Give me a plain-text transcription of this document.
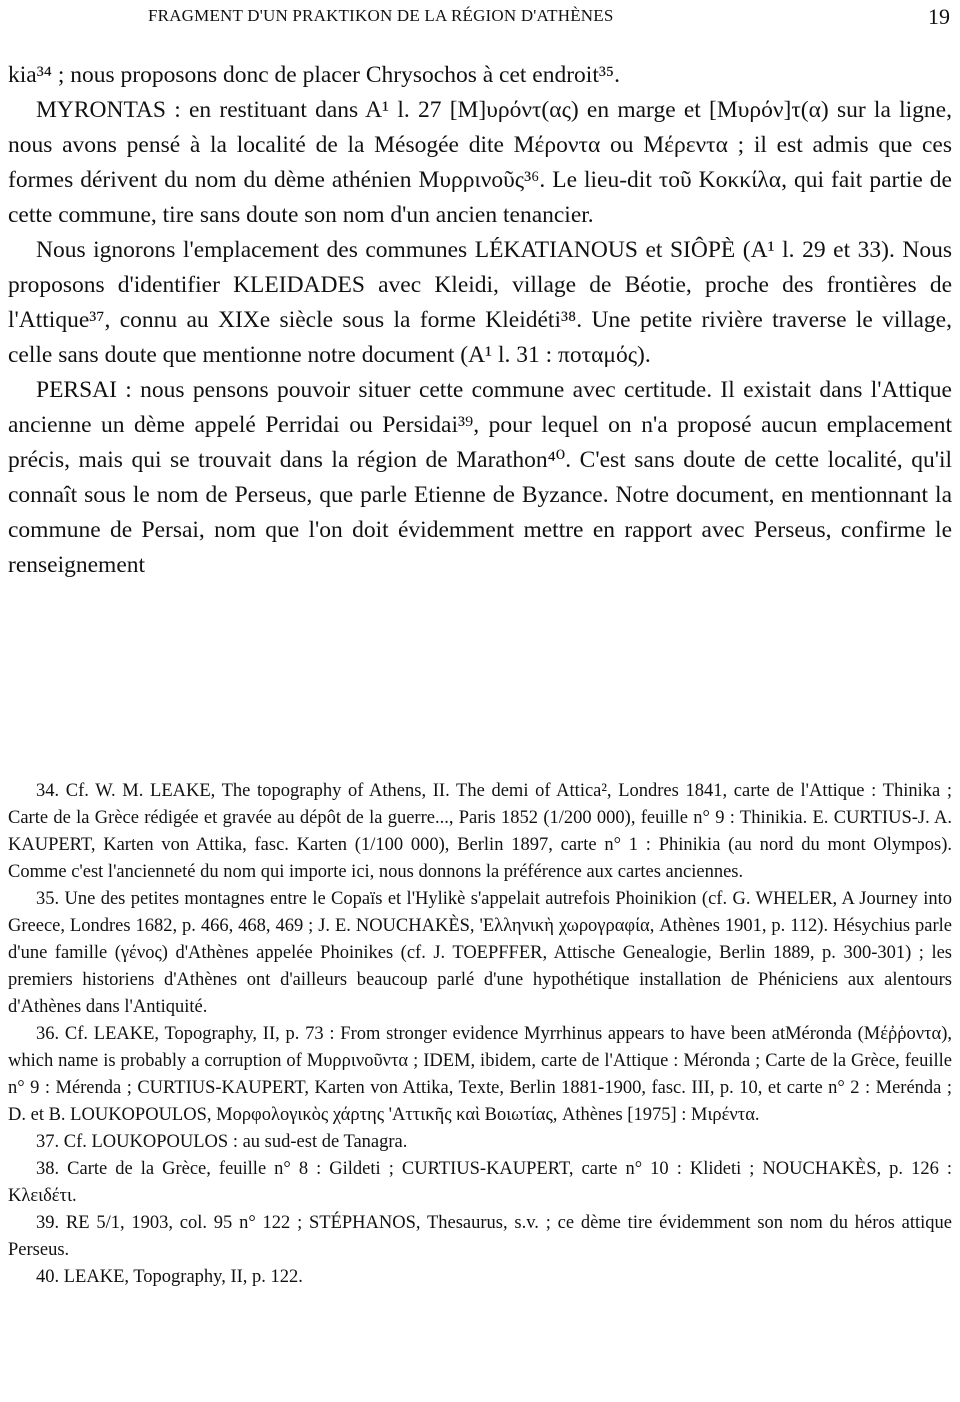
FRAGMENT D'UN PRAKTIKON DE LA RÉGION D'ATHÈNES	19

kia³⁴ ; nous proposons donc de placer Chrysochos à cet endroit³⁵.

MYRONTAS : en restituant dans A¹ l. 27 [Μ]υρόντ(ας) en marge et [Μυρόν]τ(α) sur la ligne, nous avons pensé à la localité de la Mésogée dite Μέροντα ou Μέρεντα ; il est admis que ces formes dérivent du nom du dème athénien Μυρρινοῦς³⁶. Le lieu-dit τοῦ Κοκκίλα, qui fait partie de cette commune, tire sans doute son nom d'un ancien tenancier.

Nous ignorons l'emplacement des communes LÉKATIANOUS et SIÔPÈ (A¹ l. 29 et 33). Nous proposons d'identifier KLEIDADES avec Kleidi, village de Béotie, proche des frontières de l'Attique³⁷, connu au XIXe siècle sous la forme Kleidéti³⁸. Une petite rivière traverse le village, celle sans doute que mentionne notre document (A¹ l. 31 : ποταμός).

PERSAI : nous pensons pouvoir situer cette commune avec certitude. Il existait dans l'Attique ancienne un dème appelé Perridai ou Persidai³⁹, pour lequel on n'a proposé aucun emplacement précis, mais qui se trouvait dans la région de Marathon⁴⁰. C'est sans doute de cette localité, qu'il connaît sous le nom de Perseus, que parle Etienne de Byzance. Notre document, en mentionnant la commune de Persai, nom que l'on doit évidemment mettre en rapport avec Perseus, confirme le renseignement

34. Cf. W. M. LEAKE, The topography of Athens, II. The demi of Attica², Londres 1841, carte de l'Attique : Thinika ; Carte de la Grèce rédigée et gravée au dépôt de la guerre..., Paris 1852 (1/200 000), feuille n° 9 : Thinikia. E. CURTIUS-J. A. KAUPERT, Karten von Attika, fasc. Karten (1/100 000), Berlin 1897, carte n° 1 : Phinikia (au nord du mont Olympos). Comme c'est l'ancienneté du nom qui importe ici, nous donnons la préférence aux cartes anciennes.

35. Une des petites montagnes entre le Copaïs et l'Hylikè s'appelait autrefois Phoinikion (cf. G. WHELER, A Journey into Greece, Londres 1682, p. 466, 468, 469 ; J. E. NOUCHAKÈS, 'Ελληνικὴ χωρογραφία, Athènes 1901, p. 112). Hésychius parle d'une famille (γένος) d'Athènes appelée Phoinikes (cf. J. TOEPFFER, Attische Genealogie, Berlin 1889, p. 300-301) ; les premiers historiens d'Athènes ont d'ailleurs beaucoup parlé d'une hypothétique installation de Phéniciens aux alentours d'Athènes dans l'Antiquité.

36. Cf. LEAKE, Topography, II, p. 73 : From stronger evidence Myrrhinus appears to have been atMéronda (Μέῤῥοντα), which name is probably a corruption of Μυρρινοῦντα ; IDEM, ibidem, carte de l'Attique : Méronda ; Carte de la Grèce, feuille n° 9 : Mérenda ; CURTIUS-KAUPERT, Karten von Attika, Texte, Berlin 1881-1900, fasc. III, p. 10, et carte n° 2 : Merénda ; D. et B. LOUKOPOULOS, Μορφολογικὸς χάρτης 'Αττικῆς καὶ Βοιωτίας, Athènes [1975] : Μιρέντα.

37. Cf. LOUKOPOULOS : au sud-est de Tanagra.

38. Carte de la Grèce, feuille n° 8 : Gildeti ; CURTIUS-KAUPERT, carte n° 10 : Klideti ; NOUCHAKÈS, p. 126 : Κλειδέτι.

39. RE 5/1, 1903, col. 95 n° 122 ; STÉPHANOS, Thesaurus, s.v. ; ce dème tire évidemment son nom du héros attique Perseus.

40. LEAKE, Topography, II, p. 122.
